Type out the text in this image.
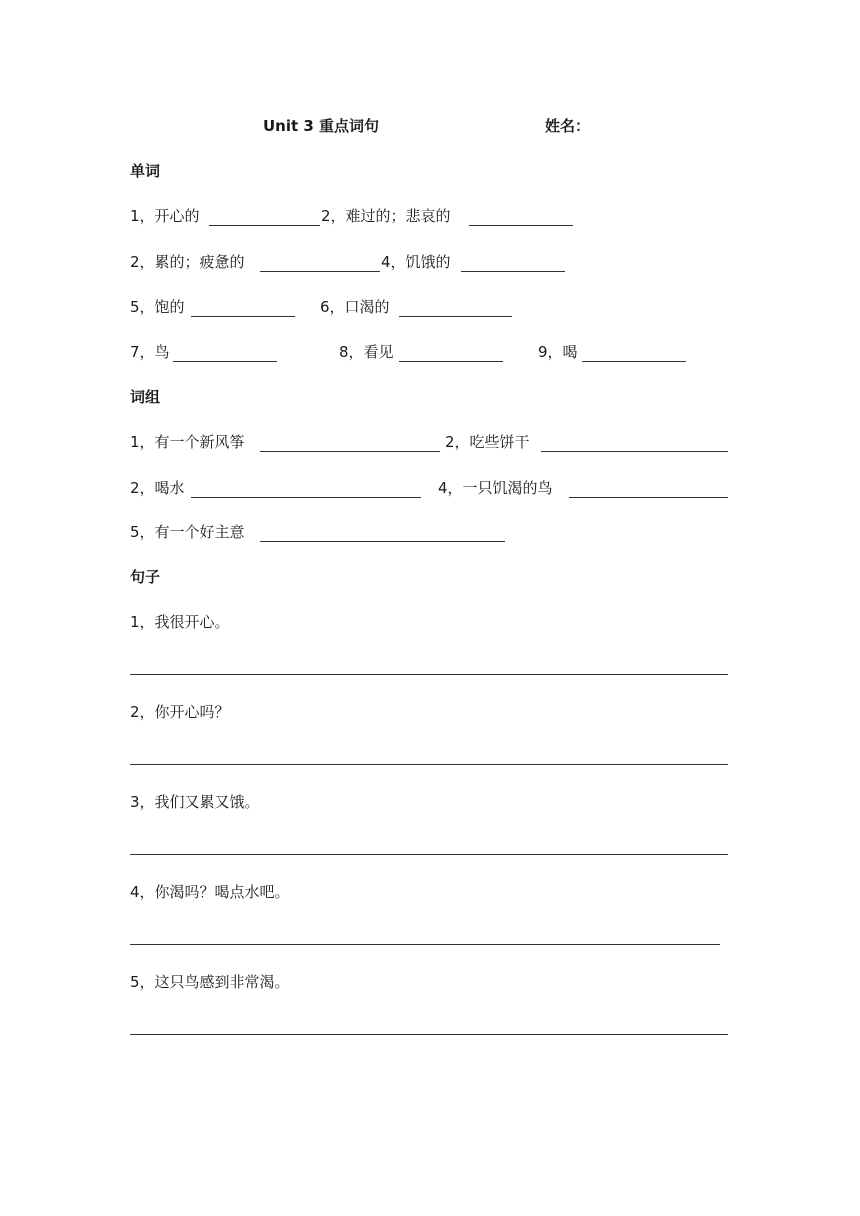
Unit 3 重点词句	姓名：
单词
1，开心的	2，难过的；悲哀的
2，累的；疲惫的	4，饥饿的
5，饱的	6，口渴的
7，鸟	8，看见	9，喝
词组
1，有一个新风筝	2，吃些饼干
2，喝水	4，一只饥渴的鸟
5，有一个好主意
句子
1，我很开心。
2，你开心吗？
3，我们又累又饿。
4，你渴吗？喝点水吧。
5，这只鸟感到非常渴。
